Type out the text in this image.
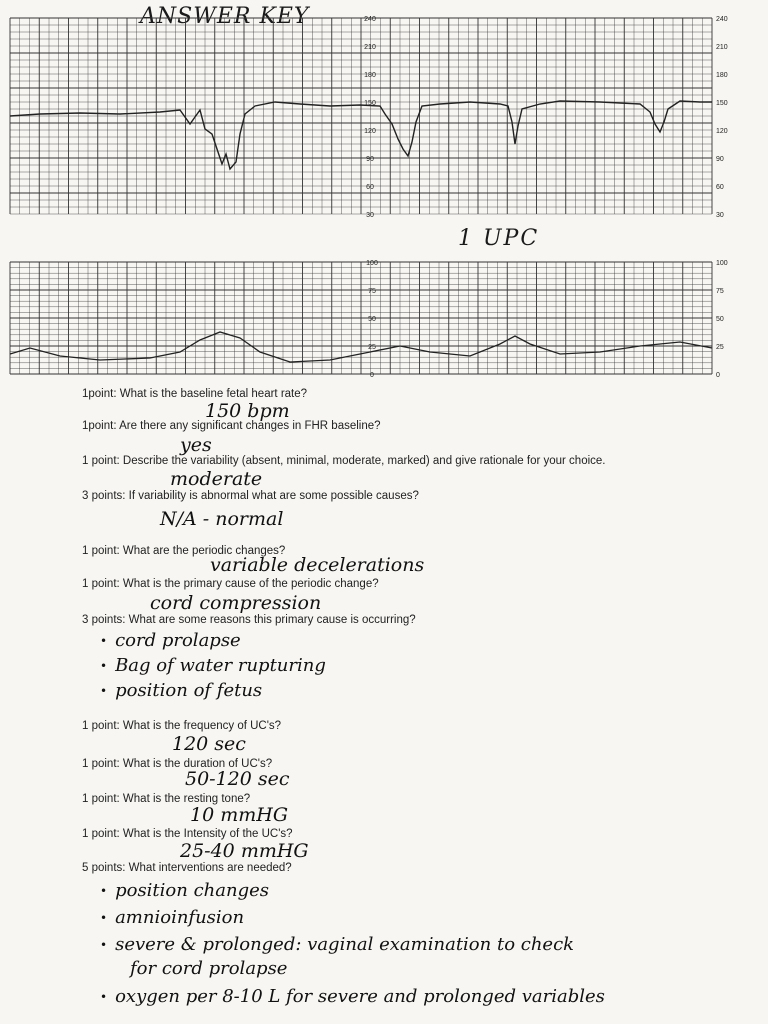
ANSWER KEY	240
210
180
150
120
90
60
30
240
210
180
150
120
90
60
30
1 UPC
100
75
50
25
0
100
75
50
25
0
1point: What is the baseline fetal heart rate?
150 bpm
1point: Are there any significant changes in FHR baseline?
yes
1 point: Describe the variability (absent, minimal, moderate, marked) and give rationale for your choice.
moderate
3 points: If variability is abnormal what are some possible causes?
N/A - normal
1 point: What are the periodic changes?
variable decelerations
1 point: What is the primary cause of the periodic change?
cord compression
3 points: What are some reasons this primary cause is occurring?
• cord prolapse
• Bag of water rupturing
• position of fetus
1 point: What is the frequency of UC's?
120 sec
1 point: What is the duration of UC's?
50-120 sec
1 point: What is the resting tone?
10 mmHG
1 point: What is the Intensity of the UC's?
25-40 mmHG
5 points: What interventions are needed?
• position changes
• amnioinfusion
• severe & prolonged: vaginal examination to check
for cord prolapse
• oxygen per 8-10 L for severe and prolonged variables
